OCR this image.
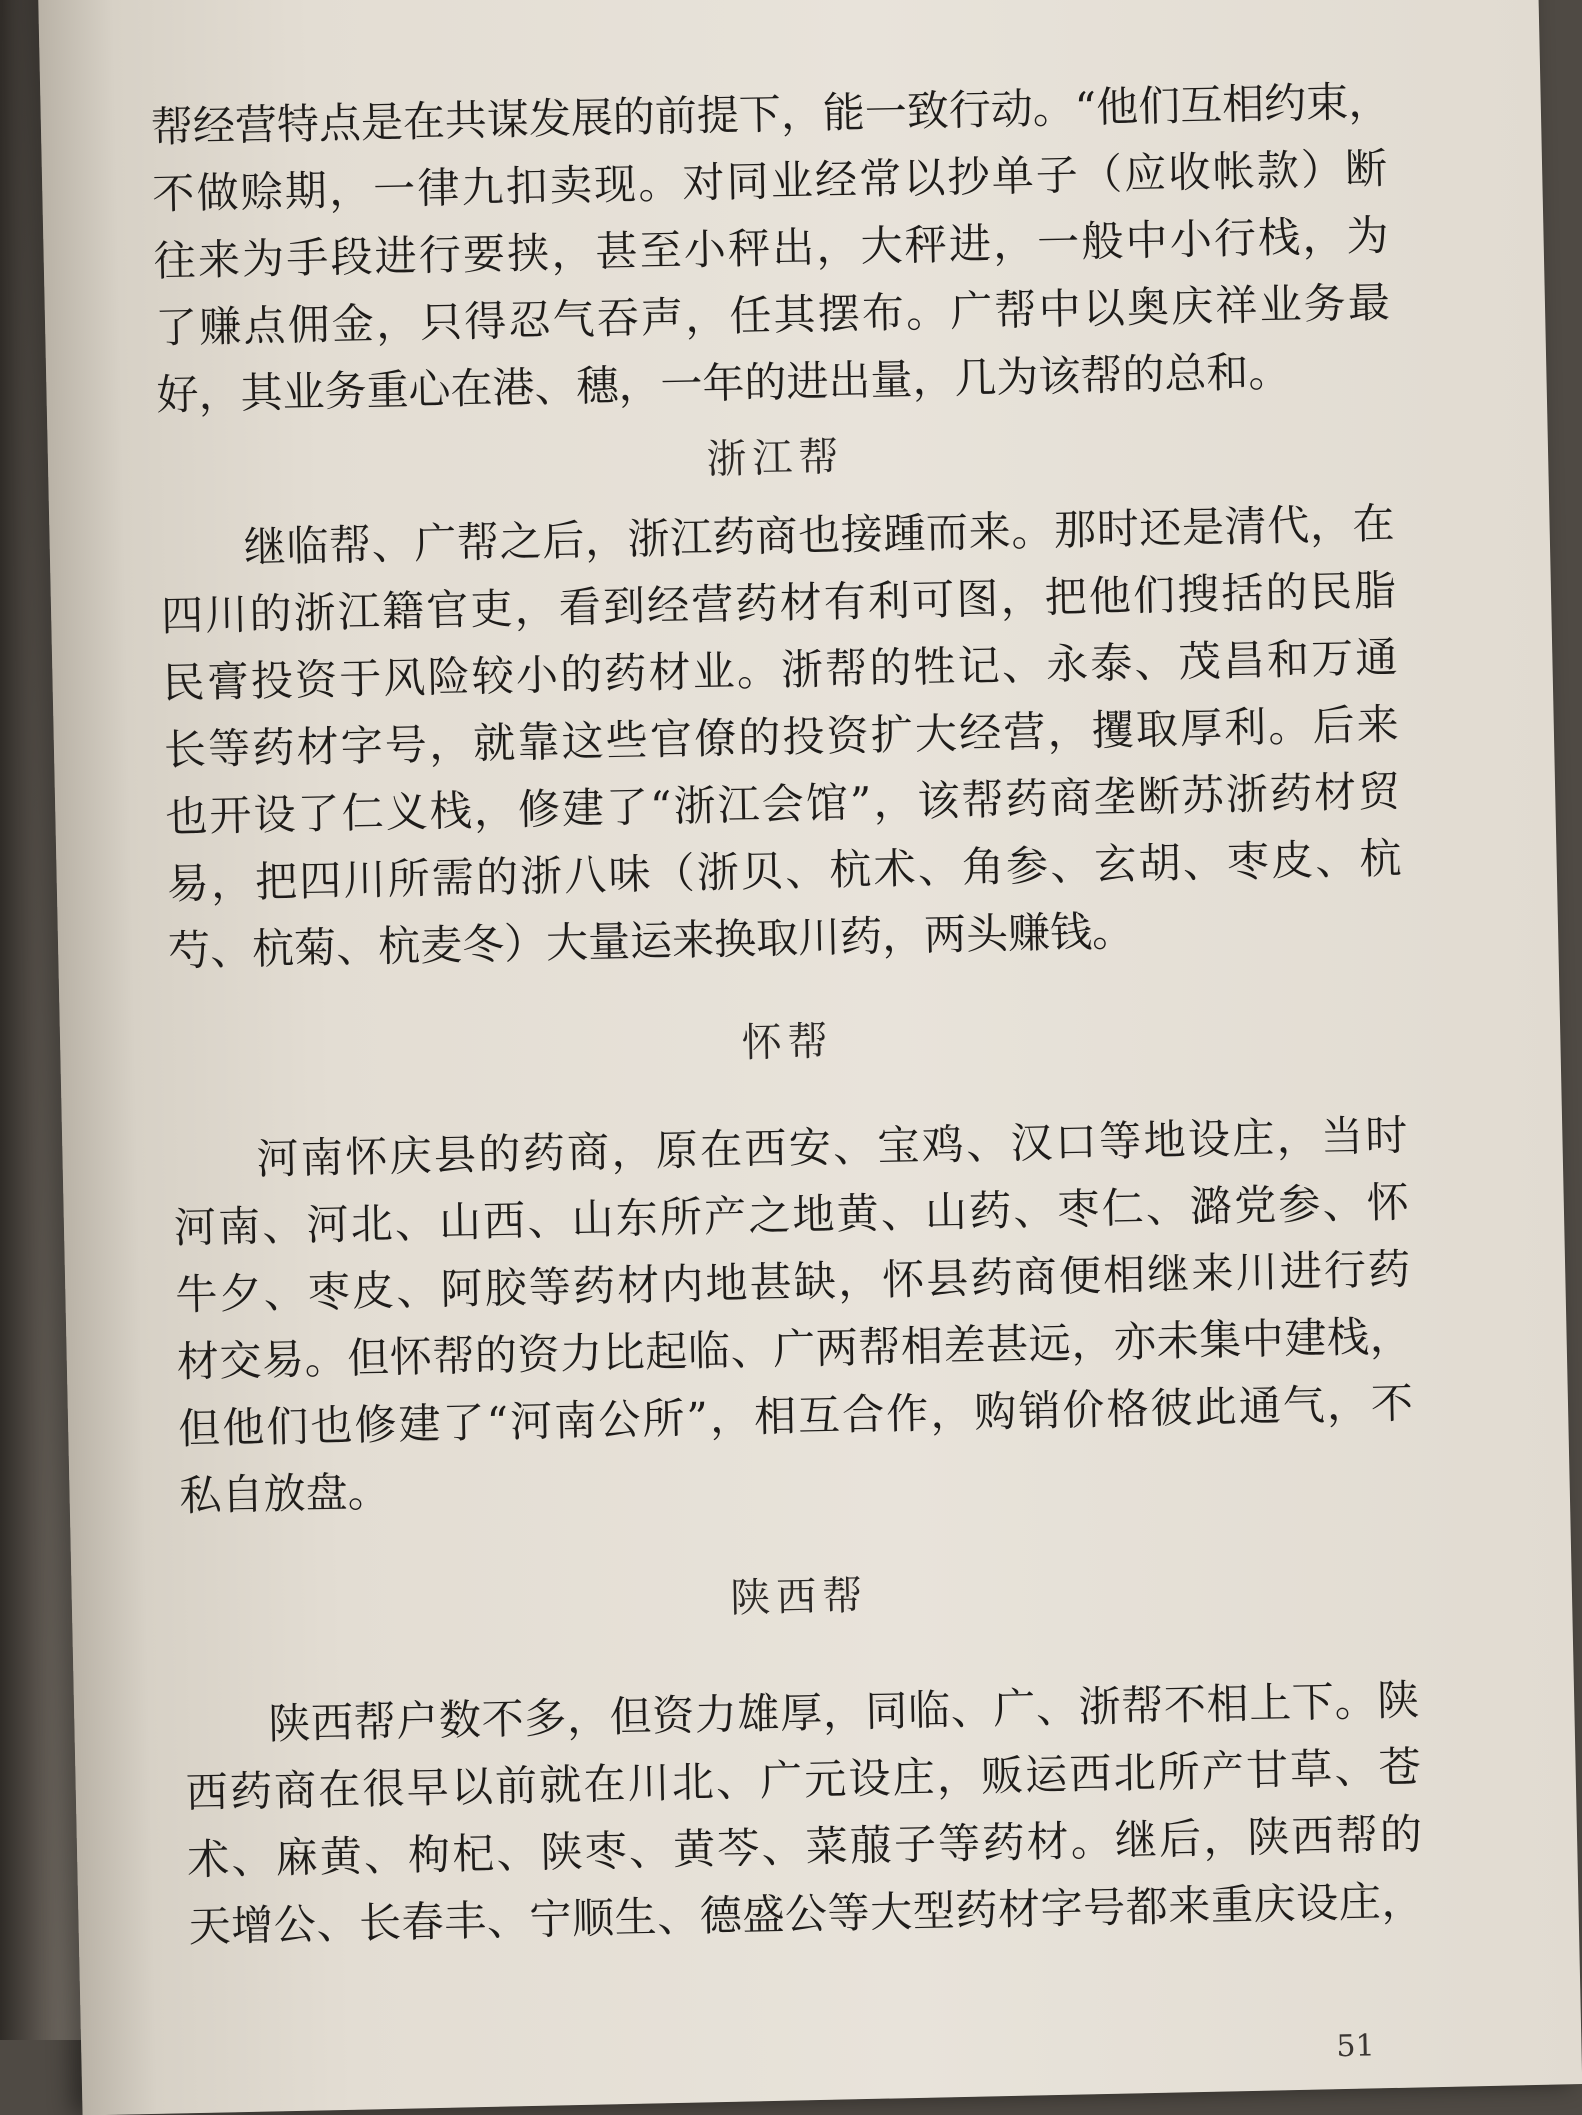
帮经营特点是在共谋发展的前提下，能一致行动。“他们互相约束，
不做赊期，一律九扣卖现。对同业经常以抄单子（应收帐款）断
往来为手段进行要挟，甚至小秤出，大秤进，一般中小行栈，为
了赚点佣金，只得忍气吞声，任其摆布。广帮中以奥庆祥业务最
好，其业务重心在港、穗，一年的进出量，几为该帮的总和。
浙江帮
继临帮、广帮之后，浙江药商也接踵而来。那时还是清代，在
四川的浙江籍官吏，看到经营药材有利可图，把他们搜括的民脂
民膏投资于风险较小的药材业。浙帮的牲记、永泰、茂昌和万通
长等药材字号，就靠这些官僚的投资扩大经营，攫取厚利。后来
也开设了仁义栈，修建了“浙江会馆”，该帮药商垄断苏浙药材贸
易，把四川所需的浙八味（浙贝、杭术、角参、玄胡、枣皮、杭
芍、杭菊、杭麦冬）大量运来换取川药，两头赚钱。
怀帮
河南怀庆县的药商，原在西安、宝鸡、汉口等地设庄，当时
河南、河北、山西、山东所产之地黄、山药、枣仁、潞党参、怀
牛夕、枣皮、阿胶等药材内地甚缺，怀县药商便相继来川进行药
材交易。但怀帮的资力比起临、广两帮相差甚远，亦未集中建栈，
但他们也修建了“河南公所”，相互合作，购销价格彼此通气，不
私自放盘。
陕西帮
陕西帮户数不多，但资力雄厚，同临、广、浙帮不相上下。陕
西药商在很早以前就在川北、广元设庄，贩运西北所产甘草、苍
术、麻黄、枸杞、陕枣、黄芩、菜菔子等药材。继后，陕西帮的
天增公、长春丰、宁顺生、德盛公等大型药材字号都来重庆设庄，
51
